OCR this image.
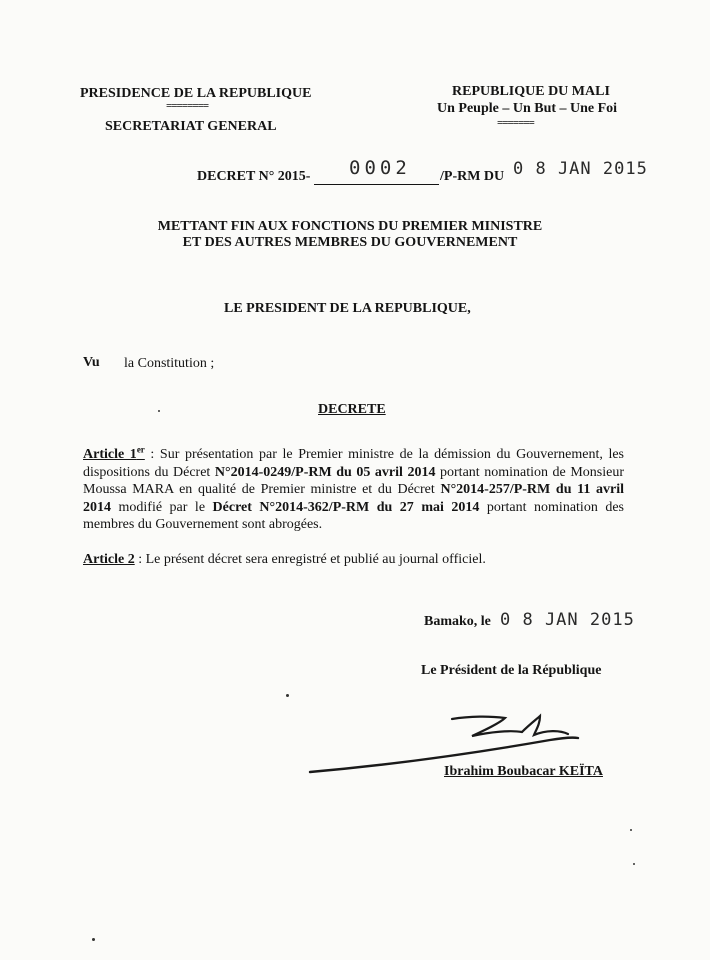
PRESIDENCE DE LA REPUBLIQUE
========
SECRETARIAT GENERAL
REPUBLIQUE DU MALI
Un Peuple – Un But – Une Foi
=======
DECRET N° 2015- 0002 /P-RM DU 0 8 JAN 2015
METTANT FIN AUX FONCTIONS DU PREMIER MINISTRE
ET DES AUTRES MEMBRES DU GOUVERNEMENT
LE PRESIDENT DE LA REPUBLIQUE,
Vu la Constitution ;
DECRETE
Article 1er : Sur présentation par le Premier ministre de la démission du Gouvernement, les dispositions du Décret N°2014-0249/P-RM du 05 avril 2014 portant nomination de Monsieur Moussa MARA en qualité de Premier ministre et du Décret N°2014-257/P-RM du 11 avril 2014 modifié par le Décret N°2014-362/P-RM du 27 mai 2014 portant nomination des membres du Gouvernement sont abrogées.
Article 2 : Le présent décret sera enregistré et publié au journal officiel.
Bamako, le 0 8 JAN 2015
Le Président de la République
Ibrahim Boubacar KEÏTA
